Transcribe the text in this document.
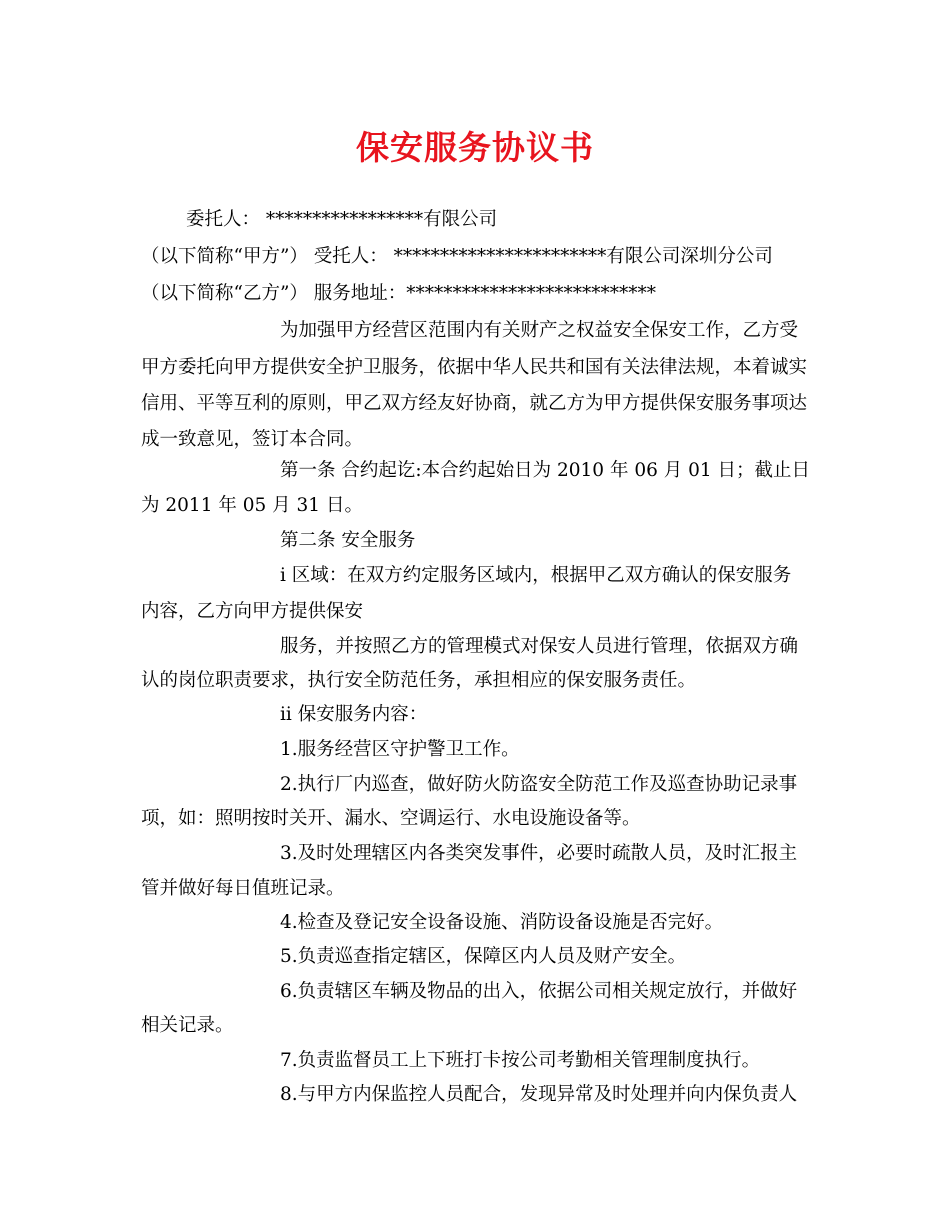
保安服务协议书
委托人： *****************有限公司
（以下简称“甲方”） 受托人： ***********************有限公司深圳分公司
（以下简称“乙方”） 服务地址：***************************
为加强甲方经营区范围内有关财产之权益安全保安工作，乙方受
甲方委托向甲方提供安全护卫服务，依据中华人民共和国有关法律法规，本着诚实
信用、平等互利的原则，甲乙双方经友好协商，就乙方为甲方提供保安服务事项达
成一致意见，签订本合同。
第一条 合约起讫:本合约起始日为 2010 年 06 月 01 日；截止日
为 2011 年 05 月 31 日。
第二条 安全服务
i 区域：在双方约定服务区域内，根据甲乙双方确认的保安服务
内容，乙方向甲方提供保安
服务，并按照乙方的管理模式对保安人员进行管理，依据双方确
认的岗位职责要求，执行安全防范任务，承担相应的保安服务责任。
ii 保安服务内容：
1.服务经营区守护警卫工作。
2.执行厂内巡查，做好防火防盗安全防范工作及巡查协助记录事
项，如：照明按时关开、漏水、空调运行、水电设施设备等。
3.及时处理辖区内各类突发事件，必要时疏散人员，及时汇报主
管并做好每日值班记录。
4.检查及登记安全设备设施、消防设备设施是否完好。
5.负责巡查指定辖区，保障区内人员及财产安全。
6.负责辖区车辆及物品的出入，依据公司相关规定放行，并做好
相关记录。
7.负责监督员工上下班打卡按公司考勤相关管理制度执行。
8.与甲方内保监控人员配合，发现异常及时处理并向内保负责人
